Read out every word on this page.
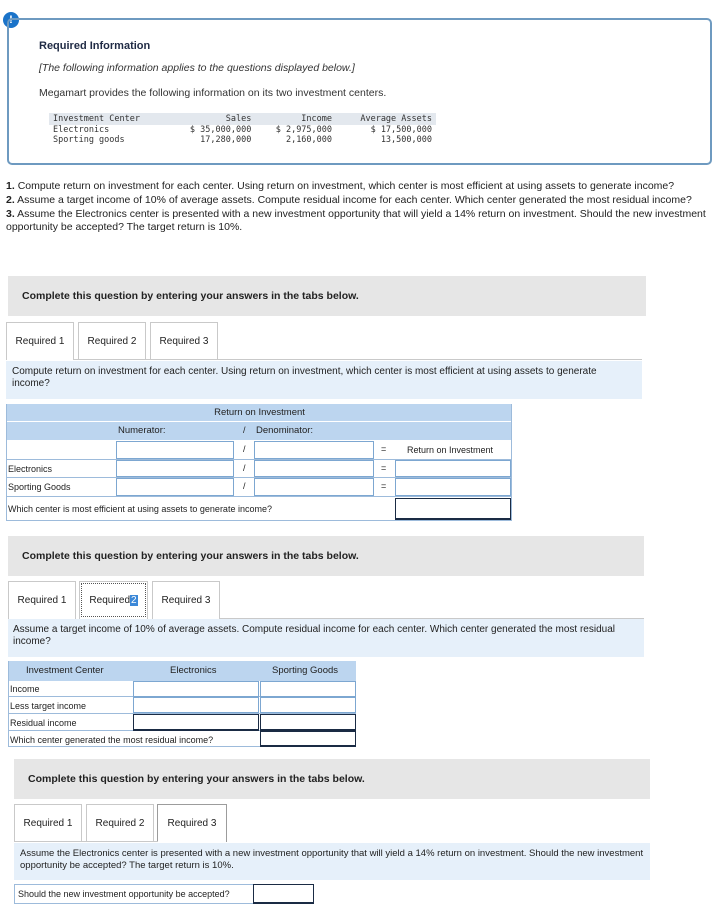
!
Required Information
[The following information applies to the questions displayed below.]
Megamart provides the following information on its two investment centers.
Investment Center	Sales	Income	Average Assets
Electronics	$ 35,000,000	$ 2,975,000	$ 17,500,000
Sporting goods	17,280,000	2,160,000	13,500,000

1. Compute return on investment for each center. Using return on investment, which center is most efficient at using assets to generate income?

2. Assume a target income of 10% of average assets. Compute residual income for each center. Which center generated the most residual income?

3. Assume the Electronics center is presented with a new investment opportunity that will yield a 14% return on investment. Should the new investment opportunity be accepted? The target return is 10%.

Complete this question by entering your answers in the tabs below.
Required 1	Required 2	Required 3
Compute return on investment for each center. Using return on investment, which center is most efficient at using assets to generate income?
Return on Investment
Numerator:	/ Denominator:
/	= Return on Investment
Electronics	/	=
Sporting Goods	/	=
Which center is most efficient at using assets to generate income?
Complete this question by entering your answers in the tabs below.
Required 1	Required 2	Required 3
Assume a target income of 10% of average assets. Compute residual income for each center. Which center generated the most residual income?
Investment Center	Electronics	Sporting Goods
Income
Less target income
Residual income
Which center generated the most residual income?
Complete this question by entering your answers in the tabs below.
Required 1	Required 2	Required 3
Assume the Electronics center is presented with a new investment opportunity that will yield a 14% return on investment. Should the new investment opportunity be accepted? The target return is 10%.
Should the new investment opportunity be accepted?
